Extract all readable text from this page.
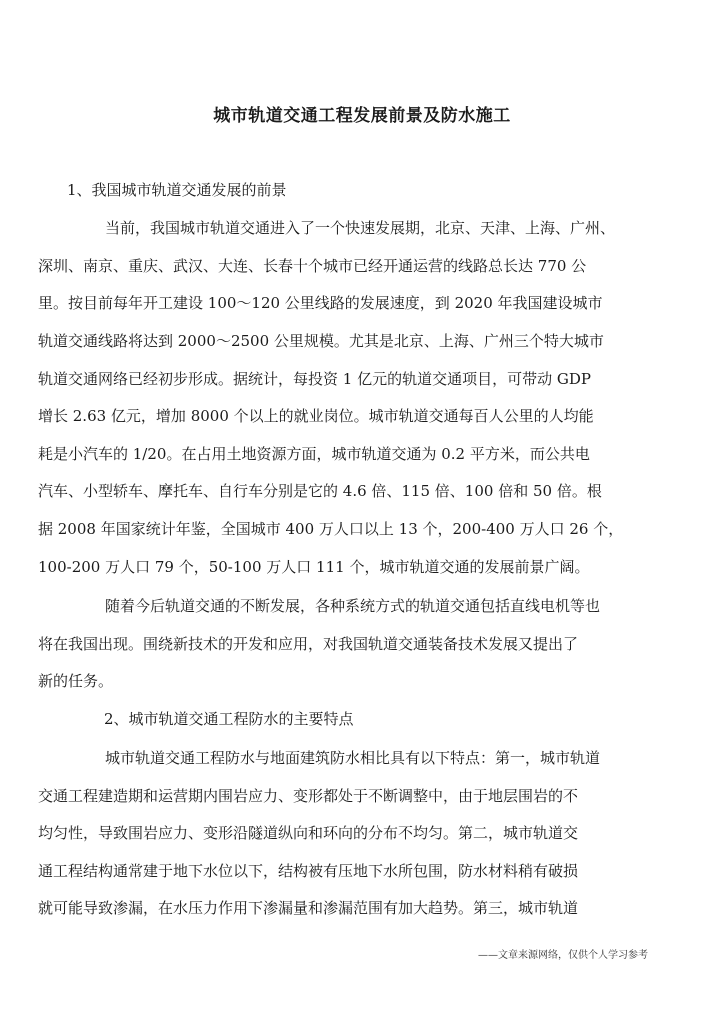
城市轨道交通工程发展前景及防水施工

1、我国城市轨道交通发展的前景

当前，我国城市轨道交通进入了一个快速发展期，北京、天津、上海、广州、

深圳、南京、重庆、武汉、大连、长春十个城市已经开通运营的线路总长达 770 公

里。按目前每年开工建设 100～120 公里线路的发展速度，到 2020 年我国建设城市

轨道交通线路将达到 2000～2500 公里规模。尤其是北京、上海、广州三个特大城市

轨道交通网络已经初步形成。据统计，每投资 1 亿元的轨道交通项目，可带动 GDP

增长 2.63 亿元，增加 8000 个以上的就业岗位。城市轨道交通每百人公里的人均能

耗是小汽车的 1/20。在占用土地资源方面，城市轨道交通为 0.2 平方米，而公共电

汽车、小型轿车、摩托车、自行车分别是它的 4.6 倍、115 倍、100 倍和 50 倍。根

据 2008 年国家统计年鉴，全国城市 400 万人口以上 13 个，200-400 万人口 26 个，

100-200 万人口 79 个，50-100 万人口 111 个，城市轨道交通的发展前景广阔。

随着今后轨道交通的不断发展，各种系统方式的轨道交通包括直线电机等也

将在我国出现。围绕新技术的开发和应用，对我国轨道交通装备技术发展又提出了

新的任务。

2、城市轨道交通工程防水的主要特点

城市轨道交通工程防水与地面建筑防水相比具有以下特点：第一，城市轨道

交通工程建造期和运营期内围岩应力、变形都处于不断调整中，由于地层围岩的不

均匀性，导致围岩应力、变形沿隧道纵向和环向的分布不均匀。第二，城市轨道交

通工程结构通常建于地下水位以下，结构被有压地下水所包围，防水材料稍有破损

就可能导致渗漏，在水压力作用下渗漏量和渗漏范围有加大趋势。第三，城市轨道

——文章来源网络，仅供个人学习参考
